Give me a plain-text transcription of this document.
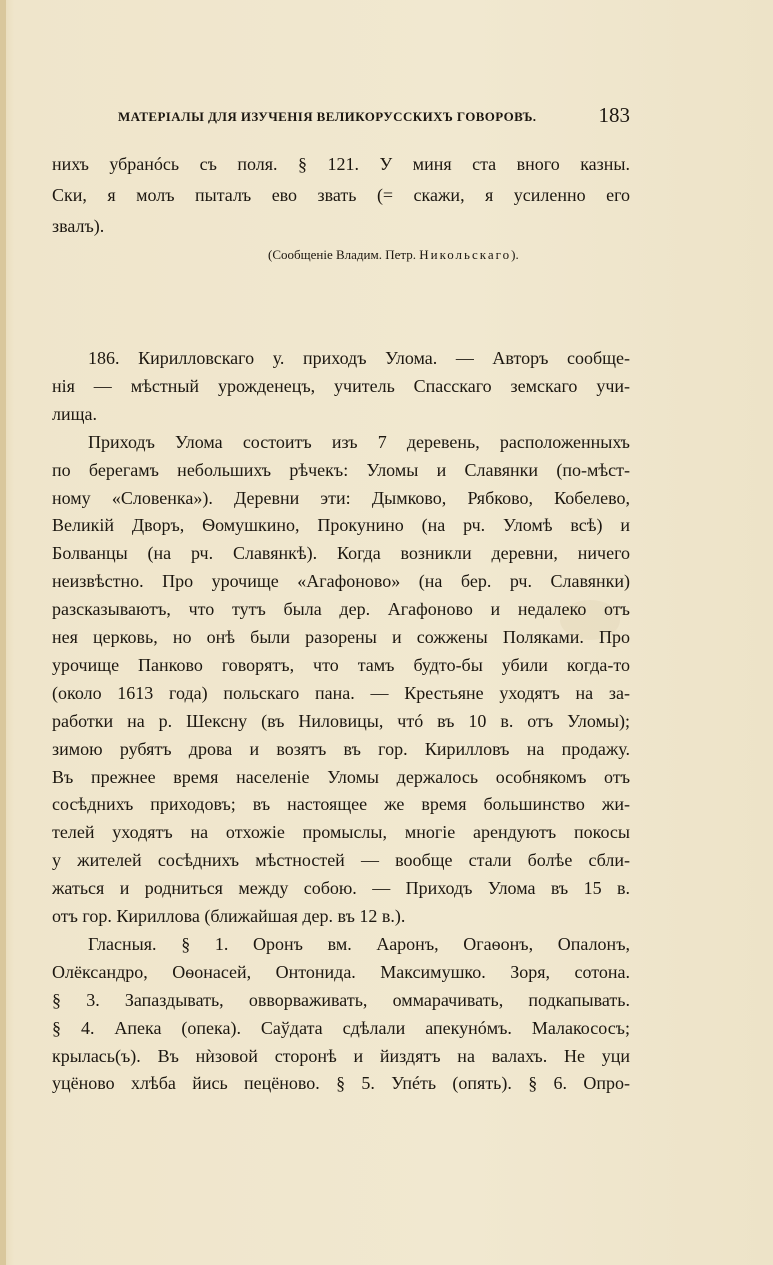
МАТЕРІАЛЫ ДЛЯ ИЗУЧЕНІЯ ВЕЛИКОРУССКИХЪ ГОВОРОВЪ.	183
нихъ убранóсь съ поля. § 121. У миня ста вного казны.
Ски, я молъ пыталъ ево звать (= скажи, я усиленно его
звалъ).
(Сообщеніе Владим. Петр. Никольскаго).
186. Кирилловскаго у. приходъ Улома. — Авторъ сообще-
нія — мѣстный урожденецъ, учитель Спасскаго земскаго учи-
лища.
Приходъ Улома состоитъ изъ 7 деревень, расположенныхъ
по берегамъ небольшихъ рѣчекъ: Уломы и Славянки (по-мѣст-
ному «Словенка»). Деревни эти: Дымково, Рябково, Кобелево,
Великій Дворъ, Ѳомушкино, Прокунино (на рч. Уломѣ всѣ) и
Болванцы (на рч. Славянкѣ). Когда возникли деревни, ничего
неизвѣстно. Про урочище «Агафоново» (на бер. рч. Славянки)
разсказываютъ, что тутъ была дер. Агафоново и недалеко отъ
нея церковь, но онѣ были разорены и сожжены Поляками. Про
урочище Панково говорятъ, что тамъ будто-бы убили когда-то
(около 1613 года) польскаго пана. — Крестьяне уходятъ на за-
работки на р. Шексну (въ Ниловицы, чтó въ 10 в. отъ Уломы);
зимою рубятъ дрова и возятъ въ гор. Кирилловъ на продажу.
Въ прежнее время населеніе Уломы держалось особнякомъ отъ
сосѣднихъ приходовъ; въ настоящее же время большинство жи-
телей уходятъ на отхожіе промыслы, многіе арендуютъ покосы
у жителей сосѣднихъ мѣстностей — вообще стали болѣе сбли-
жаться и родниться между собою. — Приходъ Улома въ 15 в.
отъ гор. Кириллова (ближайшая дер. въ 12 в.).
Гласныя. § 1. Оронъ вм. Ааронъ, Огаѳонъ, Опалонъ,
Олёксандро, Оѳонасей, Онтонида. Максимушко. Зоря, сотона.
§ 3. Запаздывать, овворваживать, оммарачивать, подкапывать.
§ 4. Апека (опека). Саўдата сдѣлали апекунóмъ. Малакососъ;
крылась(ъ). Въ нѝзовой сторонѣ и йиздятъ на валахъ. Не уци
уцёново хлѣба йись пецёново. § 5. Упéть (опять). § 6. Опро-
